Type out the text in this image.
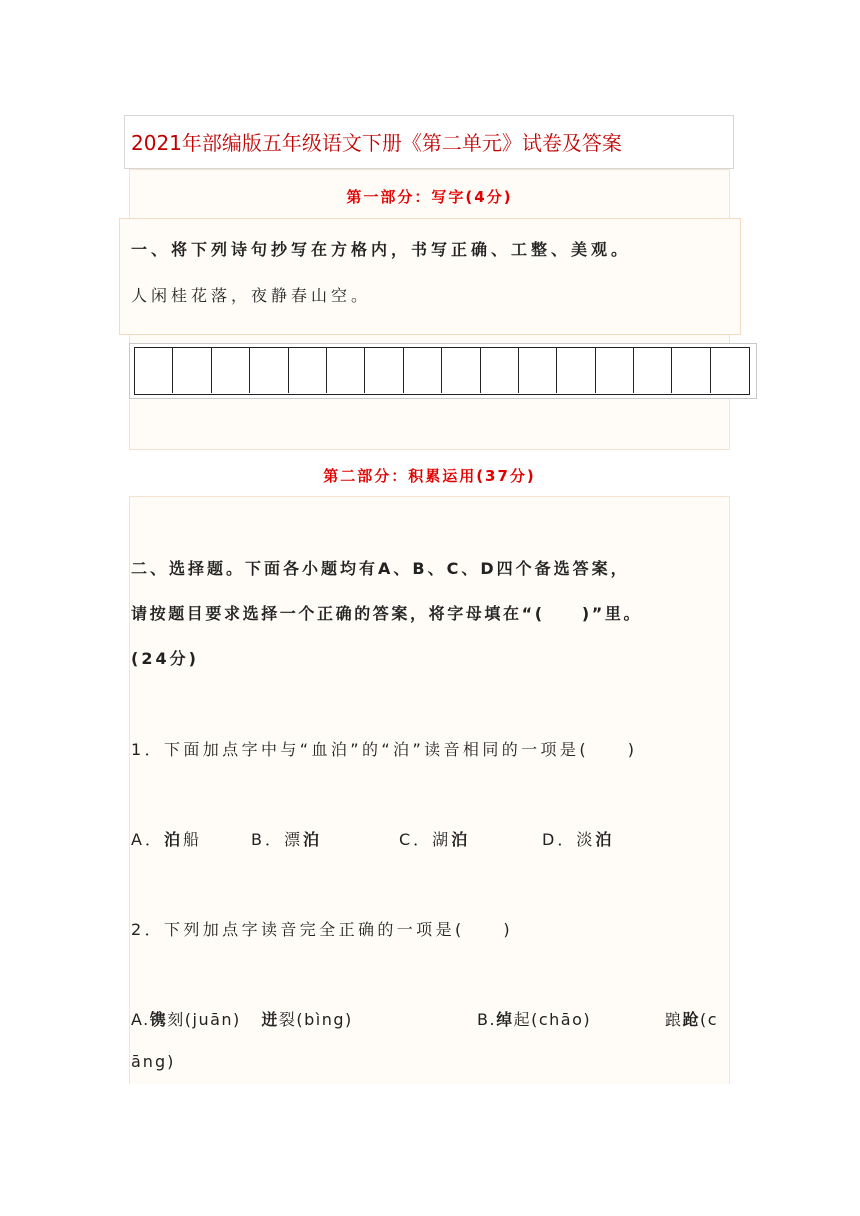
2021年部编版五年级语文下册《第二单元》试卷及答案
第一部分：写字(4分)
一、将下列诗句抄写在方格内，书写正确、工整、美观。
人闲桂花落，夜静春山空。
第二部分：积累运用(37分)
二、选择题。下面各小题均有A、B、C、D四个备选答案，
请按题目要求选择一个正确的答案，将字母填在“(　　)”里。
(24分)
1．下面加点字中与“血泊”的“泊”读音相同的一项是(　　)
A．泊船	B．漂泊	C．湖泊	D．淡泊
2．下列加点字读音完全正确的一项是(　　)
A.镌刻(juān) 迸裂(bìng)	B.绰起(chāo)	踉跄(c
āng)
